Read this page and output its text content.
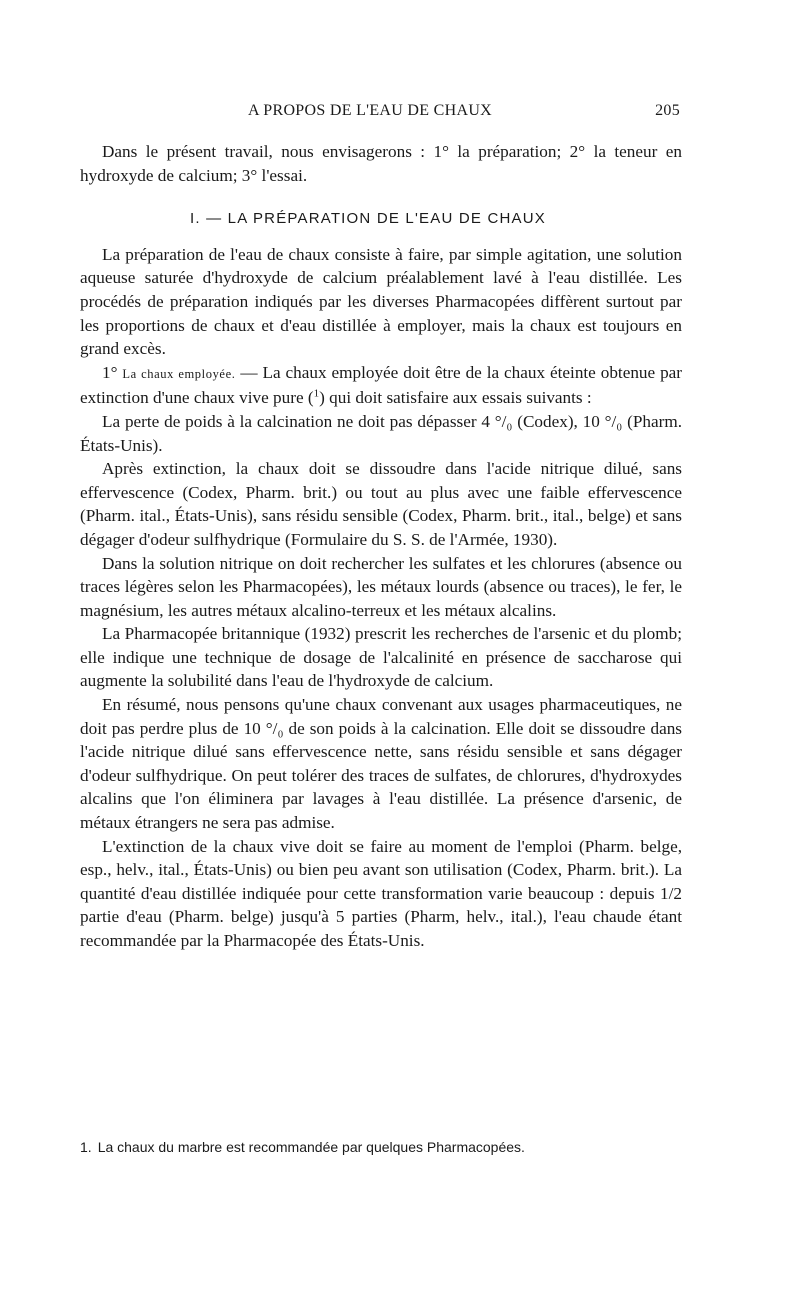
A PROPOS DE L'EAU DE CHAUX	205

Dans le présent travail, nous envisagerons : 1° la préparation; 2° la teneur en hydroxyde de calcium; 3° l'essai.

I. — LA PRÉPARATION DE L'EAU DE CHAUX

La préparation de l'eau de chaux consiste à faire, par simple agitation, une solution aqueuse saturée d'hydroxyde de calcium préalablement lavé à l'eau distillée. Les procédés de préparation indiqués par les diverses Pharmacopées diffèrent surtout par les proportions de chaux et d'eau distillée à employer, mais la chaux est toujours en grand excès.

1° La chaux employée. — La chaux employée doit être de la chaux éteinte obtenue par extinction d'une chaux vive pure ($^1$) qui doit satisfaire aux essais suivants :

La perte de poids à la calcination ne doit pas dépasser 4 °/₀ (Codex), 10 °/₀ (Pharm. États-Unis).

Après extinction, la chaux doit se dissoudre dans l'acide nitrique dilué, sans effervescence (Codex, Pharm. brit.) ou tout au plus avec une faible effervescence (Pharm. ital., États-Unis), sans résidu sensible (Codex, Pharm. brit., ital., belge) et sans dégager d'odeur sulfhydrique (Formulaire du S. S. de l'Armée, 1930).

Dans la solution nitrique on doit rechercher les sulfates et les chlorures (absence ou traces légères selon les Pharmacopées), les métaux lourds (absence ou traces), le fer, le magnésium, les autres métaux alcalino-terreux et les métaux alcalins.

La Pharmacopée britannique (1932) prescrit les recherches de l'arsenic et du plomb; elle indique une technique de dosage de l'alcalinité en présence de saccharose qui augmente la solubilité dans l'eau de l'hydroxyde de calcium.

En résumé, nous pensons qu'une chaux convenant aux usages pharmaceutiques, ne doit pas perdre plus de 10 °/₀ de son poids à la calcination. Elle doit se dissoudre dans l'acide nitrique dilué sans effervescence nette, sans résidu sensible et sans dégager d'odeur sulfhydrique. On peut tolérer des traces de sulfates, de chlorures, d'hydroxydes alcalins que l'on éliminera par lavages à l'eau distillée. La présence d'arsenic, de métaux étrangers ne sera pas admise.

L'extinction de la chaux vive doit se faire au moment de l'emploi (Pharm. belge, esp., helv., ital., États-Unis) ou bien peu avant son utilisation (Codex, Pharm. brit.). La quantité d'eau distillée indiquée pour cette transformation varie beaucoup : depuis 1/2 partie d'eau (Pharm. belge) jusqu'à 5 parties (Pharm, helv., ital.), l'eau chaude étant recommandée par la Pharmacopée des États-Unis.

1. La chaux du marbre est recommandée par quelques Pharmacopées.
